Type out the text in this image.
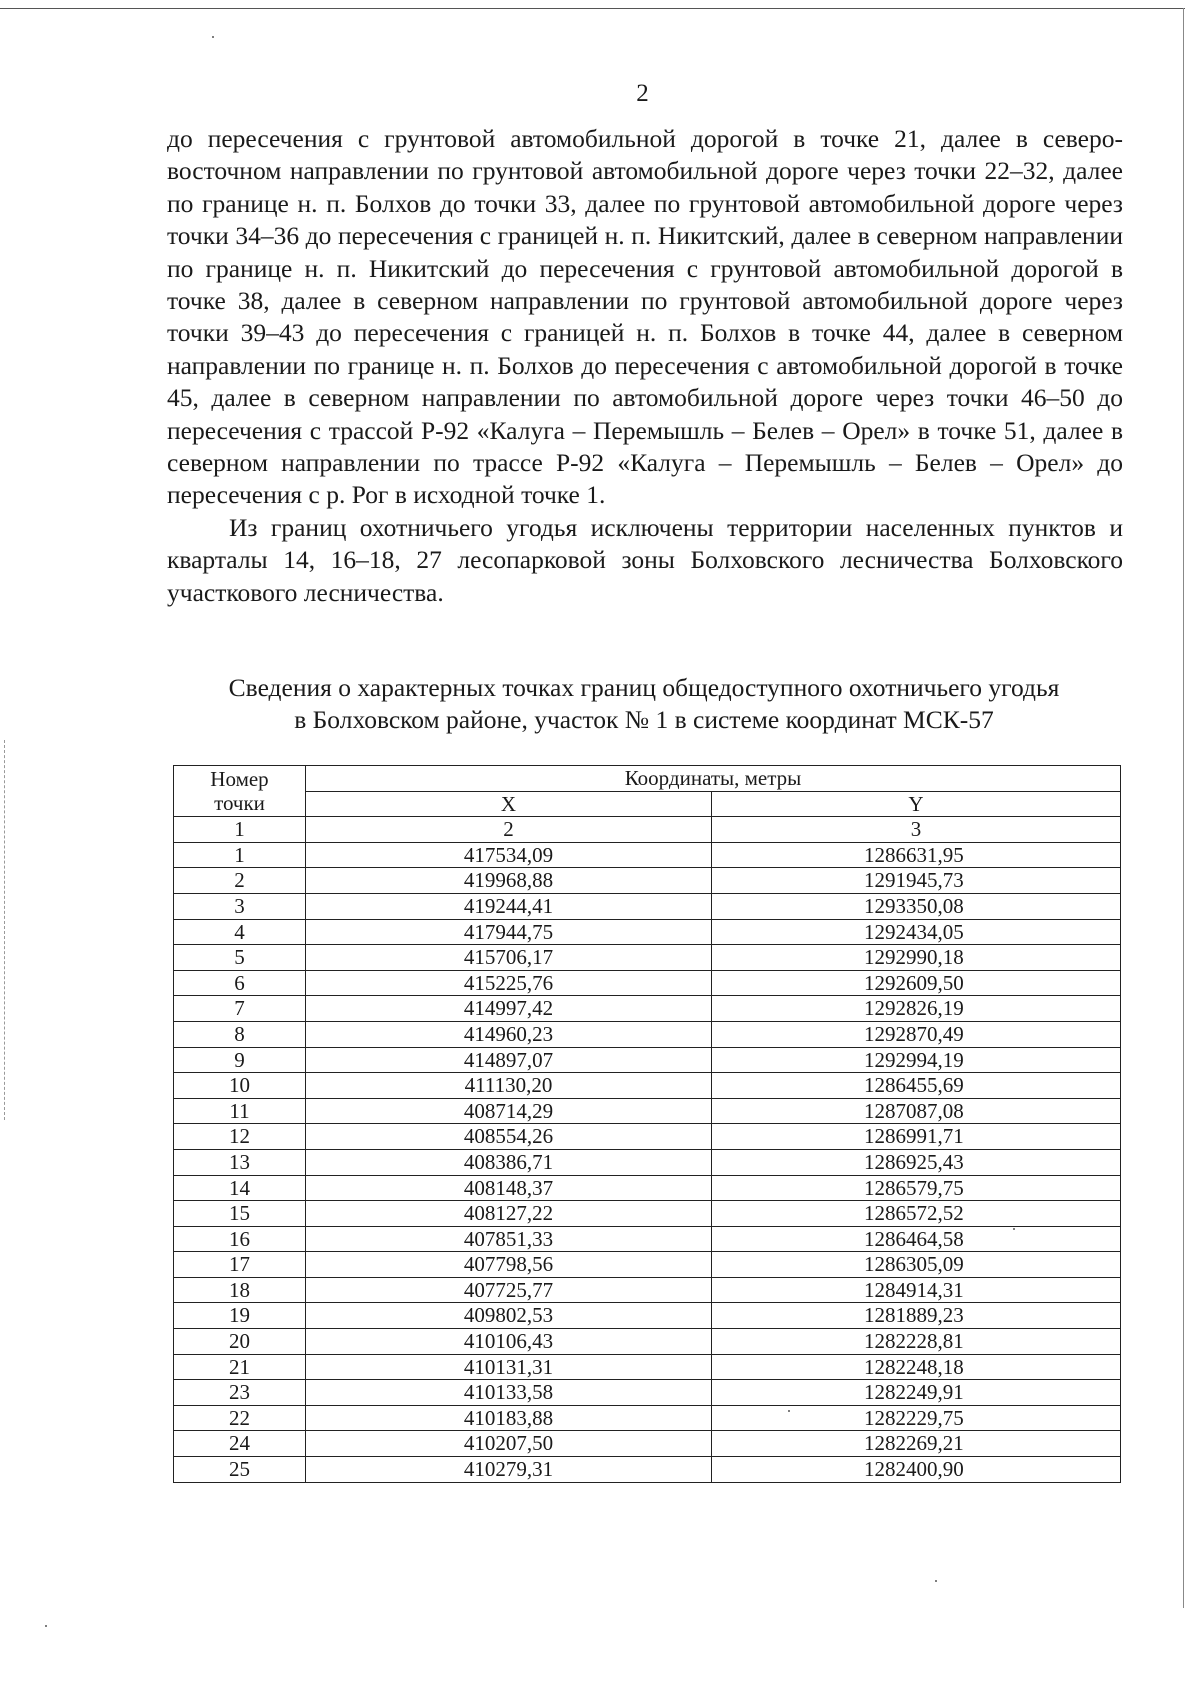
2

до пересечения с грунтовой автомобильной дорогой в точке 21, далее в северо-восточном направлении по грунтовой автомобильной дороге через точки 22–32, далее по границе н. п. Болхов до точки 33, далее по грунтовой автомобильной дороге через точки 34–36 до пересечения с границей н. п. Никитский, далее в северном направлении по границе н. п. Никитский до пересечения с грунтовой автомобильной дорогой в точке 38, далее в северном направлении по грунтовой автомобильной дороге через точки 39–43 до пересечения с границей н. п. Болхов в точке 44, далее в северном направлении по границе н. п. Болхов до пересечения с автомобильной дорогой в точке 45, далее в северном направлении по автомобильной дороге через точки 46–50 до пересечения с трассой Р-92 «Калуга – Перемышль – Белев – Орел» в точке 51, далее в северном направлении по трассе Р-92 «Калуга – Перемышль – Белев – Орел» до пересечения с р. Рог в исходной точке 1.

Из границ охотничьего угодья исключены территории населенных пунктов и кварталы 14, 16–18, 27 лесопарковой зоны Болховского лесничества Болховского участкового лесничества.

Сведения о характерных точках границ общедоступного охотничьего угодья
в Болховском районе, участок № 1 в системе координат МСК-57
Номер
точки	Координаты, метры	
	X	Y
1	2	3
1	417534,09	1286631,95
2	419968,88	1291945,73
3	419244,41	1293350,08
4	417944,75	1292434,05
5	415706,17	1292990,18
6	415225,76	1292609,50
7	414997,42	1292826,19
8	414960,23	1292870,49
9	414897,07	1292994,19
10	411130,20	1286455,69
11	408714,29	1287087,08
12	408554,26	1286991,71
13	408386,71	1286925,43
14	408148,37	1286579,75
15	408127,22	1286572,52
16	407851,33	1286464,58
17	407798,56	1286305,09
18	407725,77	1284914,31
19	409802,53	1281889,23
20	410106,43	1282228,81
21	410131,31	1282248,18
23	410133,58	1282249,91
22	410183,88	1282229,75
24	410207,50	1282269,21
25	410279,31	1282400,90
